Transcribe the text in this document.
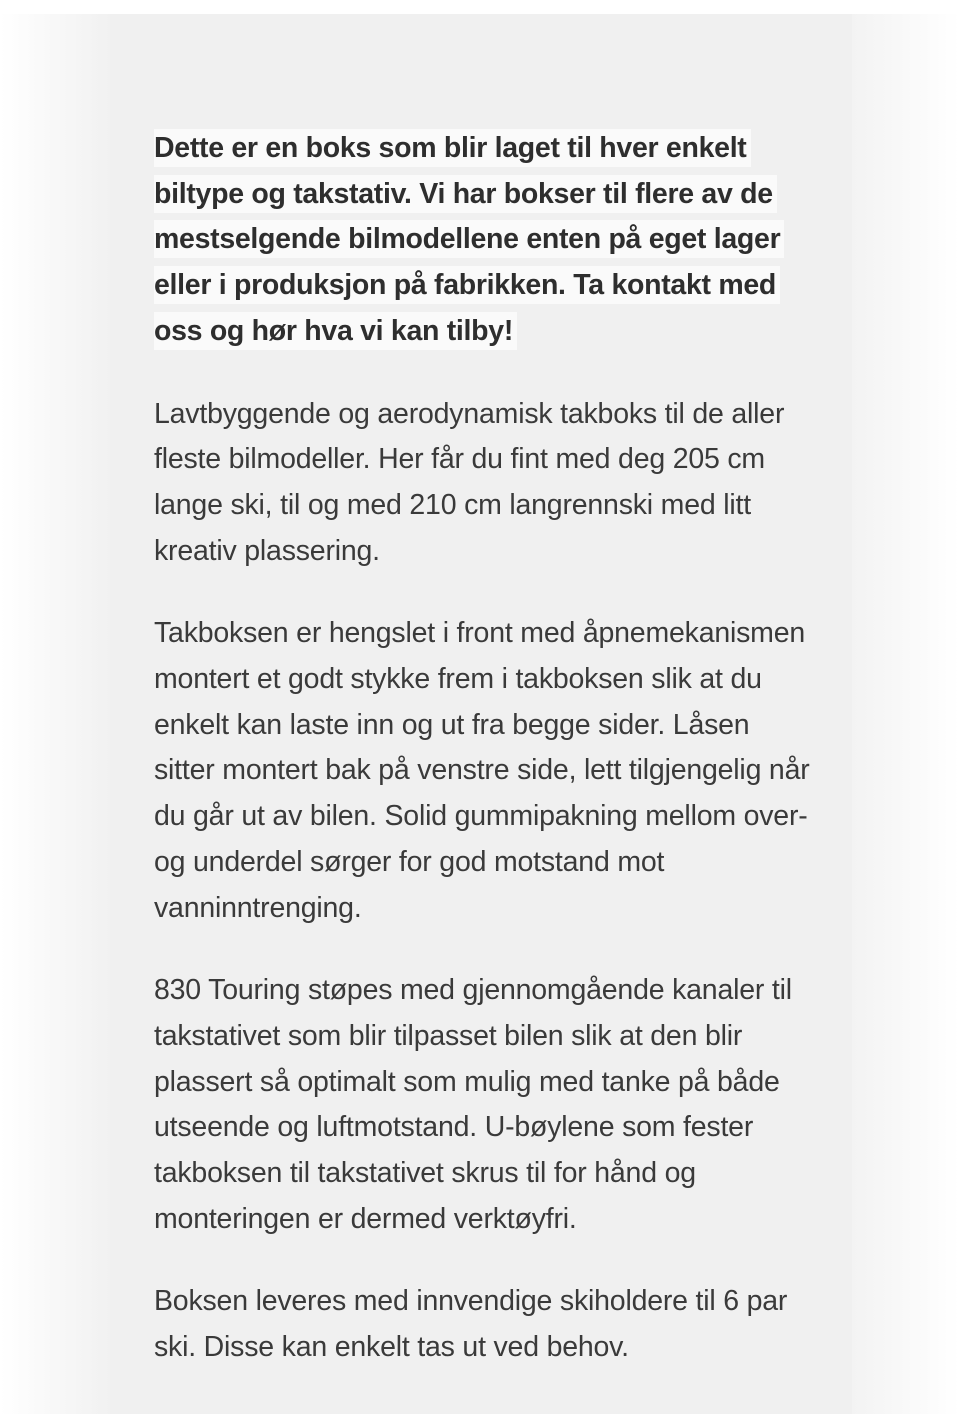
Dette er en boks som blir laget til hver enkelt biltype og takstativ. Vi har bokser til flere av de mestselgende bilmodellene enten på eget lager eller i produksjon på fabrikken. Ta kontakt med oss og hør hva vi kan tilby!

Lavtbyggende og aerodynamisk takboks til de aller fleste bilmodeller. Her får du fint med deg 205 cm lange ski, til og med 210 cm langrennski med litt kreativ plassering.

Takboksen er hengslet i front med åpnemekanismen montert et godt stykke frem i takboksen slik at du enkelt kan laste inn og ut fra begge sider. Låsen sitter montert bak på venstre side, lett tilgjengelig når du går ut av bilen. Solid gummipakning mellom over- og underdel sørger for god motstand mot vanninntrenging.

830 Touring støpes med gjennomgående kanaler til takstativet som blir tilpasset bilen slik at den blir plassert så optimalt som mulig med tanke på både utseende og luftmotstand. U-bøylene som fester takboksen til takstativet skrus til for hånd og monteringen er dermed verktøyfri.

Boksen leveres med innvendige skiholdere til 6 par ski. Disse kan enkelt tas ut ved behov.
